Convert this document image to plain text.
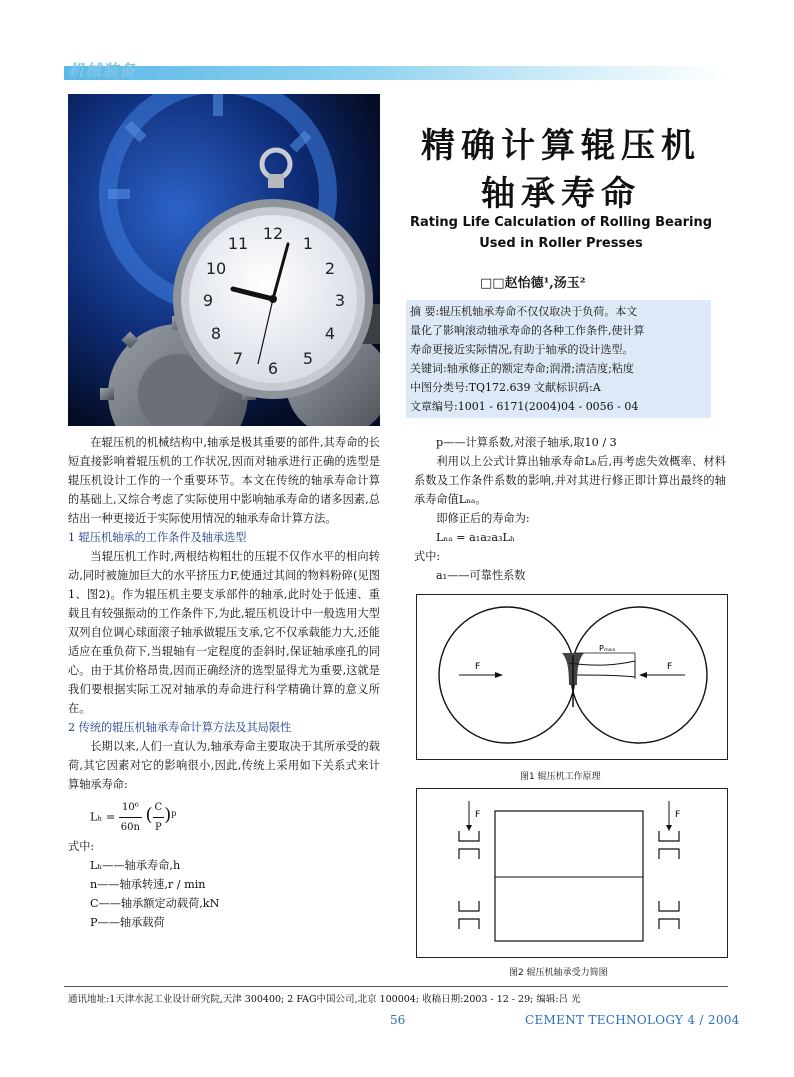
机械装备
12
1
2
3
4
5
6
7
8
9
10
11
精确计算辊压机
轴承寿命
Rating Life Calculation of Rolling Bearing
Used in Roller Presses
□□赵怡德¹,汤玉²
摘 要:辊压机轴承寿命不仅仅取决于负荷。本文
量化了影响滚动轴承寿命的各种工作条件,使计算
寿命更接近实际情况,有助于轴承的设计选型。
关键词:轴承修正的额定寿命;润滑;清洁度;粘度
中图分类号:TQ172.639 文献标识码:A
文章编号:1001 - 6171(2004)04 - 0056 - 04

在辊压机的机械结构中,轴承是极其重要的部件,其寿命的长短直接影响着辊压机的工作状况,因而对轴承进行正确的选型是辊压机设计工作的一个重要环节。本文在传统的轴承寿命计算的基础上,又综合考虑了实际使用中影响轴承寿命的诸多因素,总结出一种更接近于实际使用情况的轴承寿命计算方法。

1 辊压机轴承的工作条件及轴承选型

当辊压机工作时,两根结构粗壮的压辊不仅作水平的相向转动,同时被施加巨大的水平挤压力F,使通过其间的物料粉碎(见图1、图2)。作为辊压机主要支承部件的轴承,此时处于低速、重载且有较强振动的工作条件下,为此,辊压机设计中一般选用大型双列自位调心球面滚子轴承做辊压支承,它不仅承载能力大,还能适应在重负荷下,当辊轴有一定程度的歪斜时,保证轴承座孔的同心。由于其价格昂贵,因而正确经济的选型显得尤为重要,这就是我们要根据实际工况对轴承的寿命进行科学精确计算的意义所在。

2 传统的辊压机轴承寿命计算方法及其局限性

长期以来,人们一直认为,轴承寿命主要取决于其所承受的载荷,其它因素对它的影响很小,因此,传统上采用如下关系式来计算轴承寿命:

$L_h = \frac{\text{10⁶}}{60n}$ ( $\frac{C}{P} )^p$

式中:

Lₕ——轴承寿命,h

n——轴承转速,r / min

C——轴承额定动载荷,kN

P——轴承载荷

p——计算系数,对滚子轴承,取10 / 3

利用以上公式计算出轴承寿命Lₕ后,再考虑失效概率、材料系数及工作条件系数的影响,并对其进行修正即计算出最终的轴承寿命值Lₙₐ。

即修正后的寿命为:

Lₙₐ = a₁a₂a₃Lₕ

式中:

a₁——可靠性系数

F	F
Pₘₐₓ
图1 辊压机工作原理
F	F
图2 辊压机轴承受力简图
通讯地址:1天津水泥工业设计研究院,天津 300400; 2 FAG中国公司,北京 100004; 收稿日期:2003 - 12 - 29; 编辑:吕 光
56	CEMENT TECHNOLOGY 4 / 2004
